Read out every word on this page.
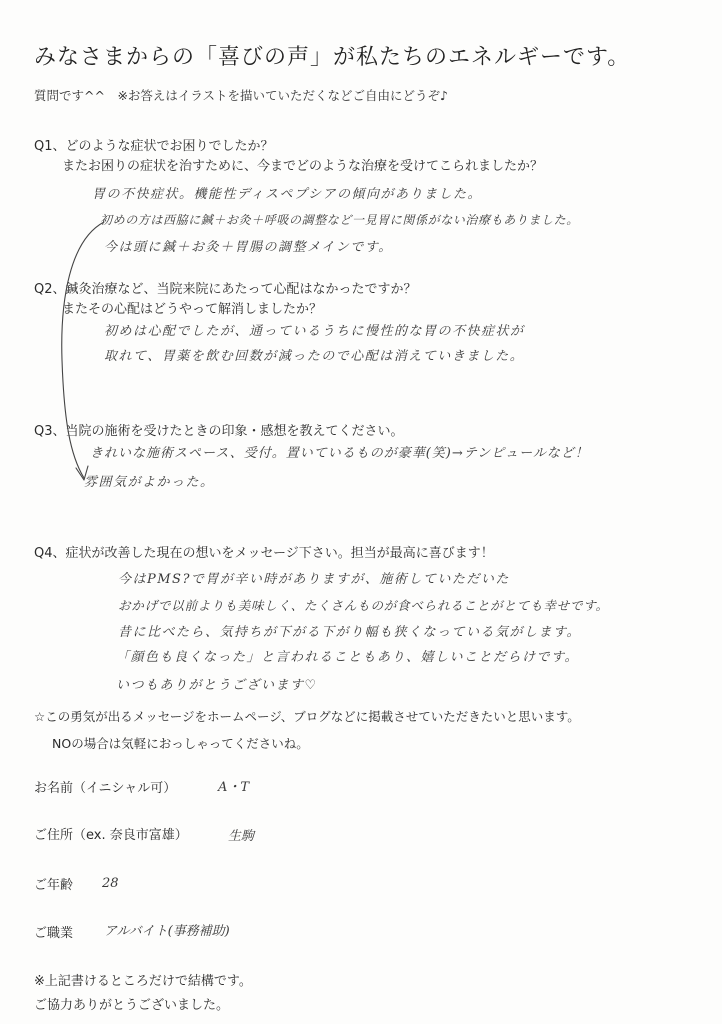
みなさまからの「喜びの声」が私たちのエネルギーです。
質問です^^　※お答えはイラストを描いていただくなどご自由にどうぞ♪
Q1、どのような症状でお困りでしたか？
またお困りの症状を治すために、今までどのような治療を受けてこられましたか？
胃の不快症状。機能性ディスペプシアの傾向がありました。
初めの方は西脇に鍼＋お灸＋呼吸の調整など一見胃に関係がない治療もありました。
今は頭に鍼＋お灸＋胃腸の調整メインです。
Q2、鍼灸治療など、当院来院にあたって心配はなかったですか？
またその心配はどうやって解消しましたか？
初めは心配でしたが、通っているうちに慢性的な胃の不快症状が
取れて、胃薬を飲む回数が減ったので心配は消えていきました。
Q3、当院の施術を受けたときの印象・感想を教えてください。
きれいな施術スペース、受付。置いているものが豪華(笑)→テンピュールなど！
雰囲気がよかった。
Q4、症状が改善した現在の想いをメッセージ下さい。担当が最高に喜びます！
今はPMS?で胃が辛い時がありますが、施術していただいた
おかげで以前よりも美味しく、たくさんものが食べられることがとても幸せです。
昔に比べたら、気持ちが下がる下がり幅も狭くなっている気がします。
「顔色も良くなった」と言われることもあり、嬉しいことだらけです。
いつもありがとうございます♡
☆この勇気が出るメッセージをホームページ、ブログなどに掲載させていただきたいと思います。
NOの場合は気軽におっしゃってくださいね。
お名前（イニシャル可）	A・T
ご住所（ex. 奈良市富雄）	生駒
ご年齢 28
ご職業 アルバイト(事務補助)
※上記書けるところだけで結構です。
ご協力ありがとうございました。
